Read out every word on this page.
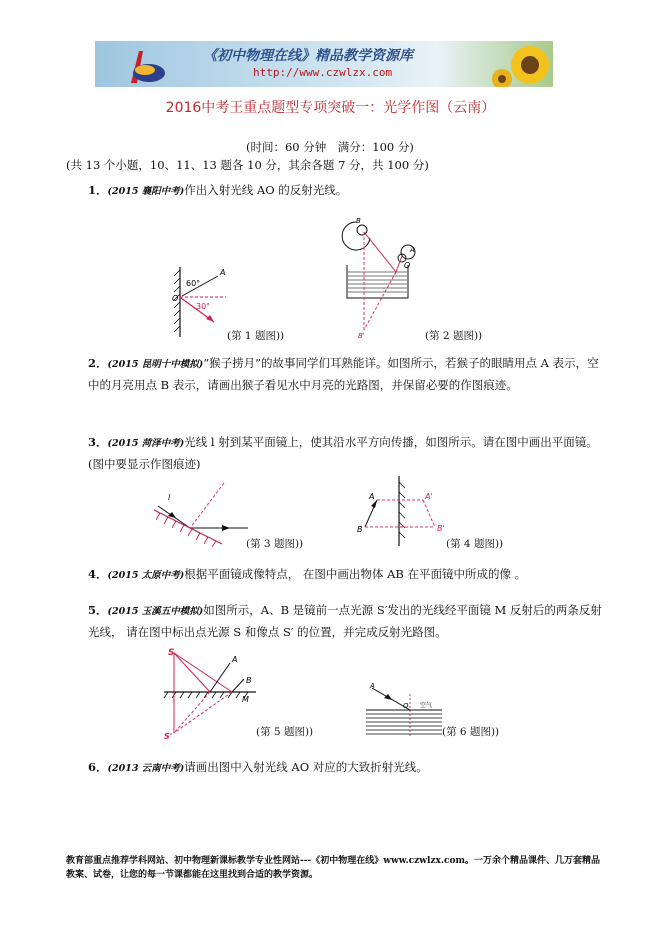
《初中物理在线》精品教学资源库
http://www.czwlzx.com
2016中考王重点题型专项突破一：光学作图（云南）
(时间：60 分钟　满分：100 分)
(共 13 个小题，10、11、13 题各 10 分，其余各题 7 分，共 100 分)
1．(2015 襄阳中考)作出入射光线 AO 的反射光线。
A
O
60°
30°
(第 1 题图))
O
A
B
B'	(第 2 题图))
2．(2015 昆明十中模拟)“猴子捞月”的故事同学们耳熟能详。如图所示，若猴子的眼睛用点 A 表示，空中的月亮用点 B 表示，请画出猴子看见水中月亮的光路图，并保留必要的作图痕迹。
3．(2015 菏泽中考)光线 l 射到某平面镜上，使其沿水平方向传播，如图所示。请在图中画出平面镜。(图中要显示作图痕迹)
l
(第 3 题图))
A
B
A'
B'
(第 4 题图))
4．(2015 太原中考)根据平面镜成像特点， 在图中画出物体 AB 在平面镜中所成的像 。
5．(2015 玉溪五中模拟)如图所示，A、B 是镜前一点光源 S′发出的光线经平面镜 M 反射后的两条反射光线， 请在图中标出点光源 S 和像点 S′ 的位置，并完成反射光路图。
S
A
B
M
S'	(第 5 题图))
A
O 空气
(第 6 题图))
6．(2013 云南中考)请画出图中入射光线 AO 对应的大致折射光线。
教育部重点推荐学科网站、初中物理新课标教学专业性网站---《初中物理在线》www.czwlzx.com。一万余个精品课件、几万套精品教案、试卷，让您的每一节课都能在这里找到合适的教学资源。
